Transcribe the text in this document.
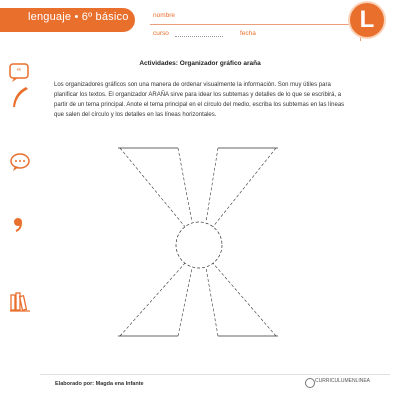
lenguaje • 6º básico	nombre
curso	fecha
L
“
Actividades: Organizador gráfico araña
Los organizadores gráficos son una manera de ordenar visualmente la información. Son muy útiles para planificar los textos. El organizador ARAÑA sirve para idear los subtemas y detalles de lo que se escribirá, a partir de un tema principal. Anote el tema principal en el círculo del medio, escriba los subtemas en las líneas que salen del círculo y los detalles en las líneas horizontales.
Elaborado por: Magda ena Infante	CURRICULUMENLINEA
